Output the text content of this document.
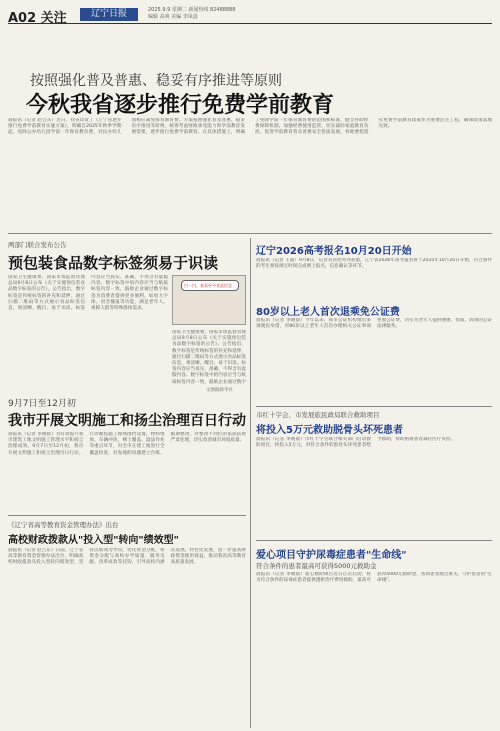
A02 关注	辽宁日报	2025.9.9 星期二 新闻热线 82488888
编辑 高爽 美编 李凤晨
按照强化普及普惠、稳妥有序推进等原则
今秋我省逐步推行免费学前教育
晨报讯（记者 赵吉东）近日，我省印发了《辽宁省逐步推行免费学前教育实施方案》，明确自2025年秋季学期起，免除公办幼儿园学前一年保育教育费，对民办幼儿园相应减免保育教育费。方案按照强化普及普惠、稳妥有序推进等原则，统筹考虑财政承受能力和学前教育发展需要，逐步推行免费学前教育。在具体措施上，明确了免除学前一年保育教育费的范围和标准，健全补助经费保障机制，加强经费使用监管，切实减轻家庭教育负担，促进学前教育普及普惠安全优质发展。各地要把落实免费学前教育政策作为重要民生工程，确保政策落地见效。
两部门联合发布公告
预包装食品数字标签须易于识读
国家卫生健康委、国家市场监督管理总局9月8日公布《关于实施预包装食品数字标签的公告》。公告指出，数字标签是传统标签的补充和延伸，通过扫描二维码等方式展示食品标签信息，须清晰、醒目、易于识读。标签内容应当真实、准确，不得含有虚假内容。数字标签中的内容应当与纸质标签内容一致，鼓励企业通过数字标签为消费者提供更多便利，如放大字体、语音播报等功能，满足老年人、视障人群等特殊群体需求。
扫一扫，查看更多食品信息
国家卫生健康委、国家市场监督管理总局9月8日公布《关于实施预包装食品数字标签的公告》。公告指出，数字标签是传统标签的补充和延伸，通过扫描二维码等方式展示食品标签信息，须清晰、醒目、易于识读。标签内容应当真实、准确，不得含有虚假内容。数字标签中的内容应当与纸质标签内容一致，鼓励企业通过数字
文图据新华社
9月7日至12月初
我市开展文明施工和扬尘治理百日行动
晨报讯（记者 李晓晨）为有效提升我市建筑工地文明施工管理水平和扬尘治理成效，9月7日至12月初，我市开展文明施工和扬尘治理百日行动。行动聚焦施工现场围挡设置、物料堆放、车辆冲洗、裸土覆盖、湿法作业等重点环节，对全市在建工地进行全覆盖检查，对发现的问题建立台账、限期整改，对整改不到位的依法依规严肃处理，切实改善城市环境质量。
《辽宁省高等教育资金管理办法》出台
高校财政拨款从"投入型"转向"绩效型"
晨报讯（记者 赵吉东）日前，辽宁省高等教育资金管理办法出台，明确高校财政拨款从投入型转向绩效型，坚持以绩效为导向，优化资金分配，将资金分配与高校办学质量、服务贡献、改革成效等挂钩，引导高校内涵式发展、特色化发展，进一步提高财政资金使用效益，推动我省高等教育高质量发展。
辽宁2026高考报名10月20日开始
晨报讯（记者 王迪）9月8日，记者从省招考办获悉，辽宁省2026年高考报名将于2025年10月20日开始，符合条件的考生须按规定时间完成网上报名、信息确认等环节。
80岁以上老人首次退乘免公证费
晨报讯（记者 李晓晨）今年以来，我市公证机构推出多项便民举措，对80岁以上老年人首次办理相关公证事项免收公证费，切实为老年人提供便捷、优质、高效的公证法律服务。
市红十字会、市发展旅民政局联合救助项目
将投入5万元救助脱骨头坏死患者
晨报讯（记者 李晓晨）市红十字会联合相关部门启动救助项目，将投入5万元，对符合条件的股骨头坏死患者给予救助，帮助困难患者减轻医疗负担。
爱心项目守护尿毒症患者"生命线"
符合条件的患者最高可获得5000元救助金
晨报讯（记者 李晓晨）爱心救助项目近日正式启动，将为符合条件的尿毒症患者提供透析治疗费用救助，最高可获得5000元救助金，帮助患者渡过难关，守护患者的"生命线"。
